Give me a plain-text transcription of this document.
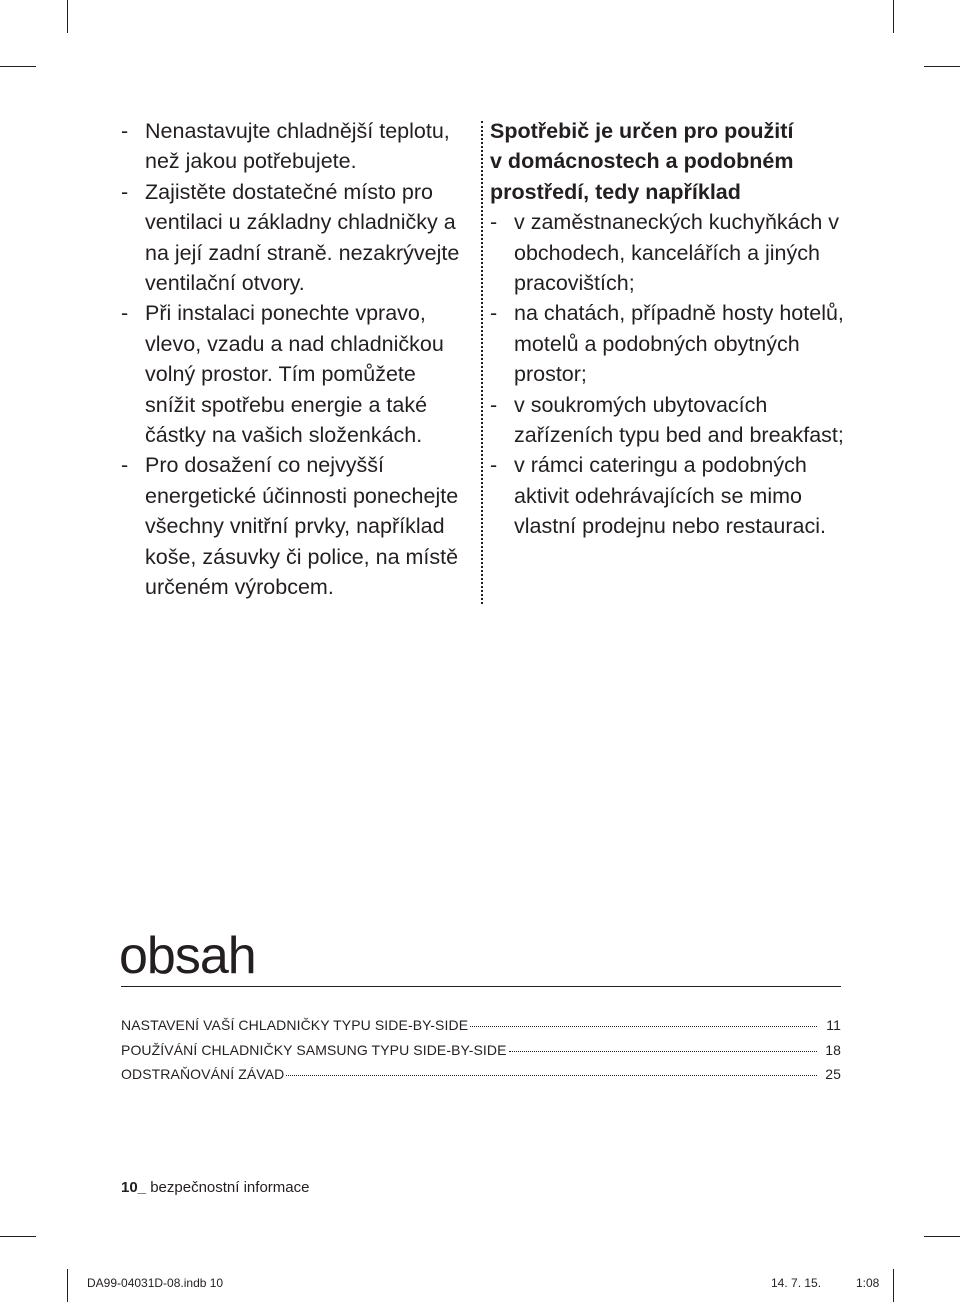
- Nenastavujte chladnější teplotu, než jakou potřebujete.

- Zajistěte dostatečné místo pro ventilaci u základny chladničky a na její zadní straně. nezakrývejte ventilační otvory.

- Při instalaci ponechte vpravo, vlevo, vzadu a nad chladničkou volný prostor. Tím pomůžete snížit spotřebu energie a také částky na vašich složenkách.

- Pro dosažení co nejvyšší energetické účinnosti ponechejte všechny vnitřní prvky, například koše, zásuvky či police, na místě určeném výrobcem.

Spotřebič je určen pro použití
v domácnostech a podobném
prostředí, tedy například

- v zaměstnaneckých kuchyňkách v obchodech, kancelářích a jiných pracovištích;

- na chatách, případně hosty hotelů, motelů a podobných obytných prostor;

- v soukromých ubytovacích zařízeních typu bed and breakfast;

- v rámci cateringu a podobných aktivit odehrávajících se mimo vlastní prodejnu nebo restauraci.

obsah
NASTAVENÍ VAŠÍ CHLADNIČKY TYPU SIDE-BY-SIDE	11
POUŽÍVÁNÍ CHLADNIČKY SAMSUNG TYPU SIDE-BY-SIDE	18
ODSTRAŇOVÁNÍ ZÁVAD	25
10_ bezpečnostní informace
DA99-04031D-08.indb 10	14. 7. 15.	1:08
